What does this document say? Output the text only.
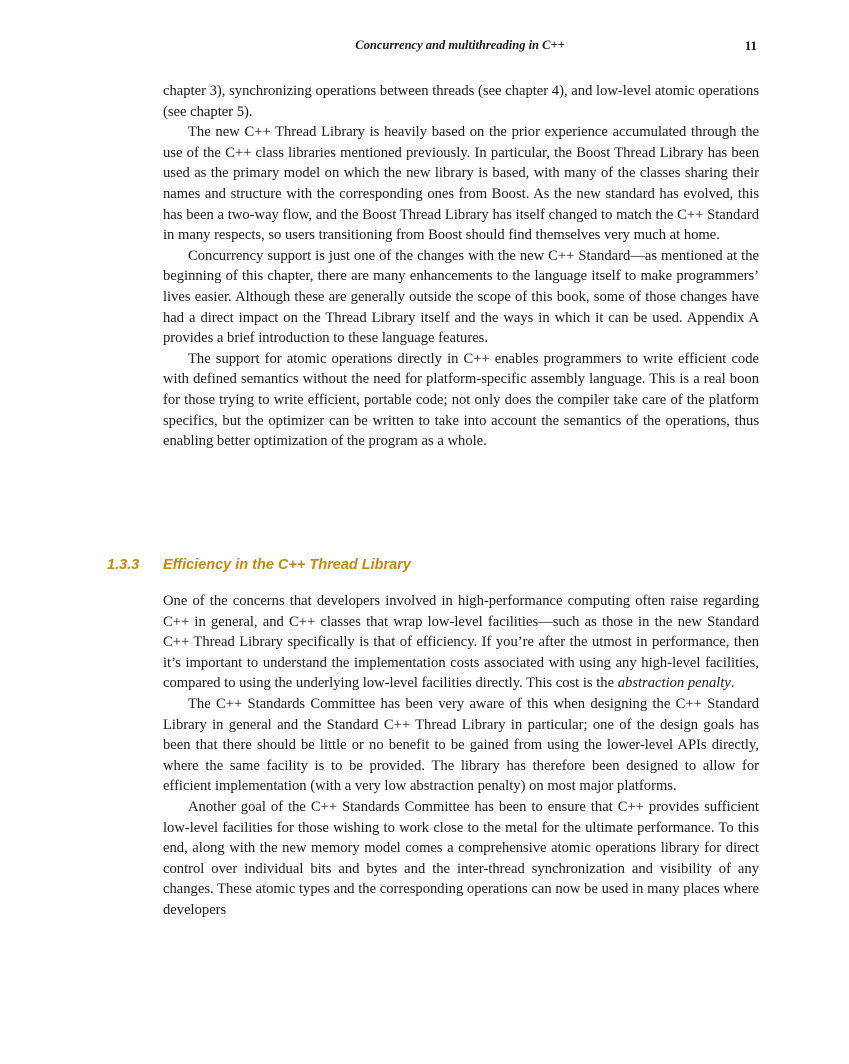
Concurrency and multithreading in C++	11

chapter 3), synchronizing operations between threads (see chapter 4), and low-level atomic operations (see chapter 5).

The new C++ Thread Library is heavily based on the prior experience accumulated through the use of the C++ class libraries mentioned previously. In particular, the Boost Thread Library has been used as the primary model on which the new library is based, with many of the classes sharing their names and structure with the corresponding ones from Boost. As the new standard has evolved, this has been a two-way flow, and the Boost Thread Library has itself changed to match the C++ Standard in many respects, so users transitioning from Boost should find themselves very much at home.

Concurrency support is just one of the changes with the new C++ Standard—as mentioned at the beginning of this chapter, there are many enhancements to the language itself to make programmers’ lives easier. Although these are generally outside the scope of this book, some of those changes have had a direct impact on the Thread Library itself and the ways in which it can be used. Appendix A provides a brief introduction to these language features.

The support for atomic operations directly in C++ enables programmers to write efficient code with defined semantics without the need for platform-specific assembly language. This is a real boon for those trying to write efficient, portable code; not only does the compiler take care of the platform specifics, but the optimizer can be written to take into account the semantics of the operations, thus enabling better optimization of the program as a whole.

1.3.3 Efficiency in the C++ Thread Library

One of the concerns that developers involved in high-performance computing often raise regarding C++ in general, and C++ classes that wrap low-level facilities—such as those in the new Standard C++ Thread Library specifically is that of efficiency. If you’re after the utmost in performance, then it’s important to understand the implementation costs associated with using any high-level facilities, compared to using the underlying low-level facilities directly. This cost is the abstraction penalty.

The C++ Standards Committee has been very aware of this when designing the C++ Standard Library in general and the Standard C++ Thread Library in particular; one of the design goals has been that there should be little or no benefit to be gained from using the lower-level APIs directly, where the same facility is to be provided. The library has therefore been designed to allow for efficient implementation (with a very low abstraction penalty) on most major platforms.

Another goal of the C++ Standards Committee has been to ensure that C++ provides sufficient low-level facilities for those wishing to work close to the metal for the ultimate performance. To this end, along with the new memory model comes a comprehensive atomic operations library for direct control over individual bits and bytes and the inter-thread synchronization and visibility of any changes. These atomic types and the corresponding operations can now be used in many places where developers
